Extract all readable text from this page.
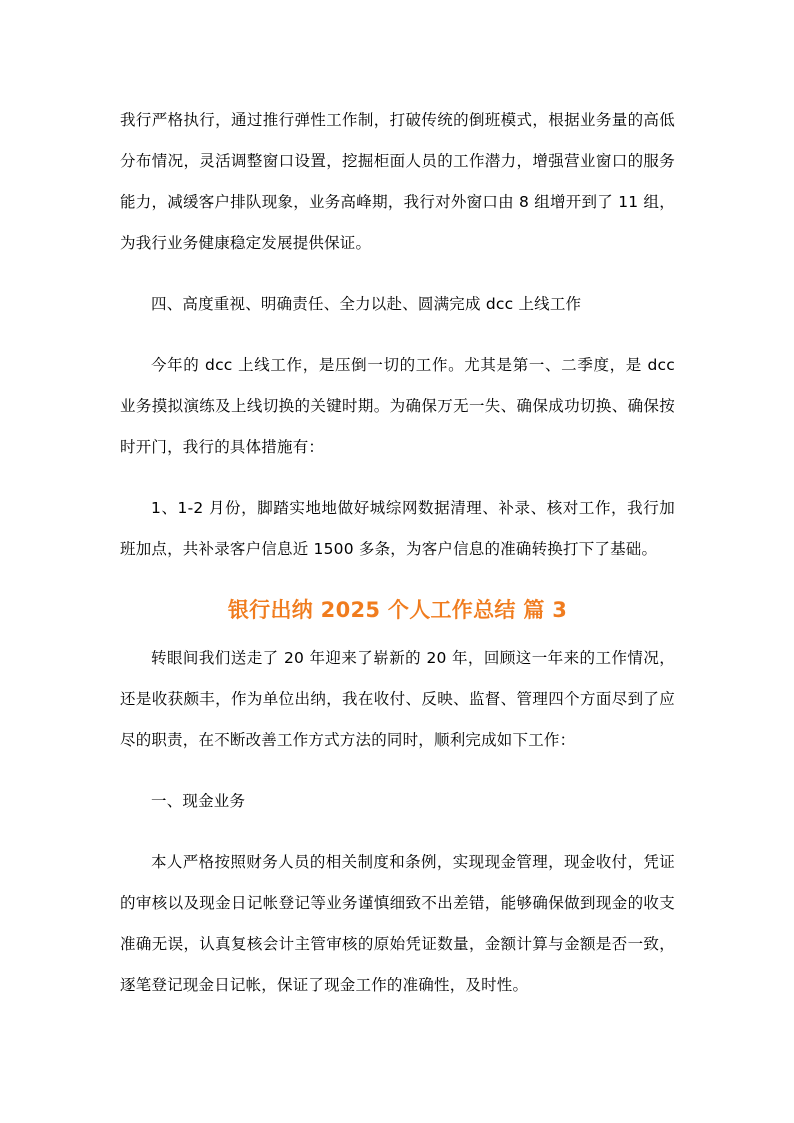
我行严格执行，通过推行弹性工作制，打破传统的倒班模式，根据业务量的高低分布情况，灵活调整窗口设置，挖掘柜面人员的工作潜力，增强营业窗口的服务能力，减缓客户排队现象，业务高峰期，我行对外窗口由 8 组增开到了 11 组，为我行业务健康稳定发展提供保证。

四、高度重视、明确责任、全力以赴、圆满完成 dcc 上线工作

今年的 dcc 上线工作，是压倒一切的工作。尤其是第一、二季度，是 dcc 业务摸拟演练及上线切换的关键时期。为确保万无一失、确保成功切换、确保按时开门，我行的具体措施有：

1、1-2 月份，脚踏实地地做好城综网数据清理、补录、核对工作，我行加班加点，共补录客户信息近 1500 多条，为客户信息的准确转换打下了基础。

银行出纳 2025 个人工作总结 篇 3

转眼间我们送走了 20 年迎来了崭新的 20 年，回顾这一年来的工作情况，还是收获颇丰，作为单位出纳，我在收付、反映、监督、管理四个方面尽到了应尽的职责，在不断改善工作方式方法的同时，顺利完成如下工作：

一、现金业务

本人严格按照财务人员的相关制度和条例，实现现金管理，现金收付，凭证的审核以及现金日记帐登记等业务谨慎细致不出差错，能够确保做到现金的收支准确无误，认真复核会计主管审核的原始凭证数量，金额计算与金额是否一致，逐笔登记现金日记帐，保证了现金工作的准确性，及时性。
